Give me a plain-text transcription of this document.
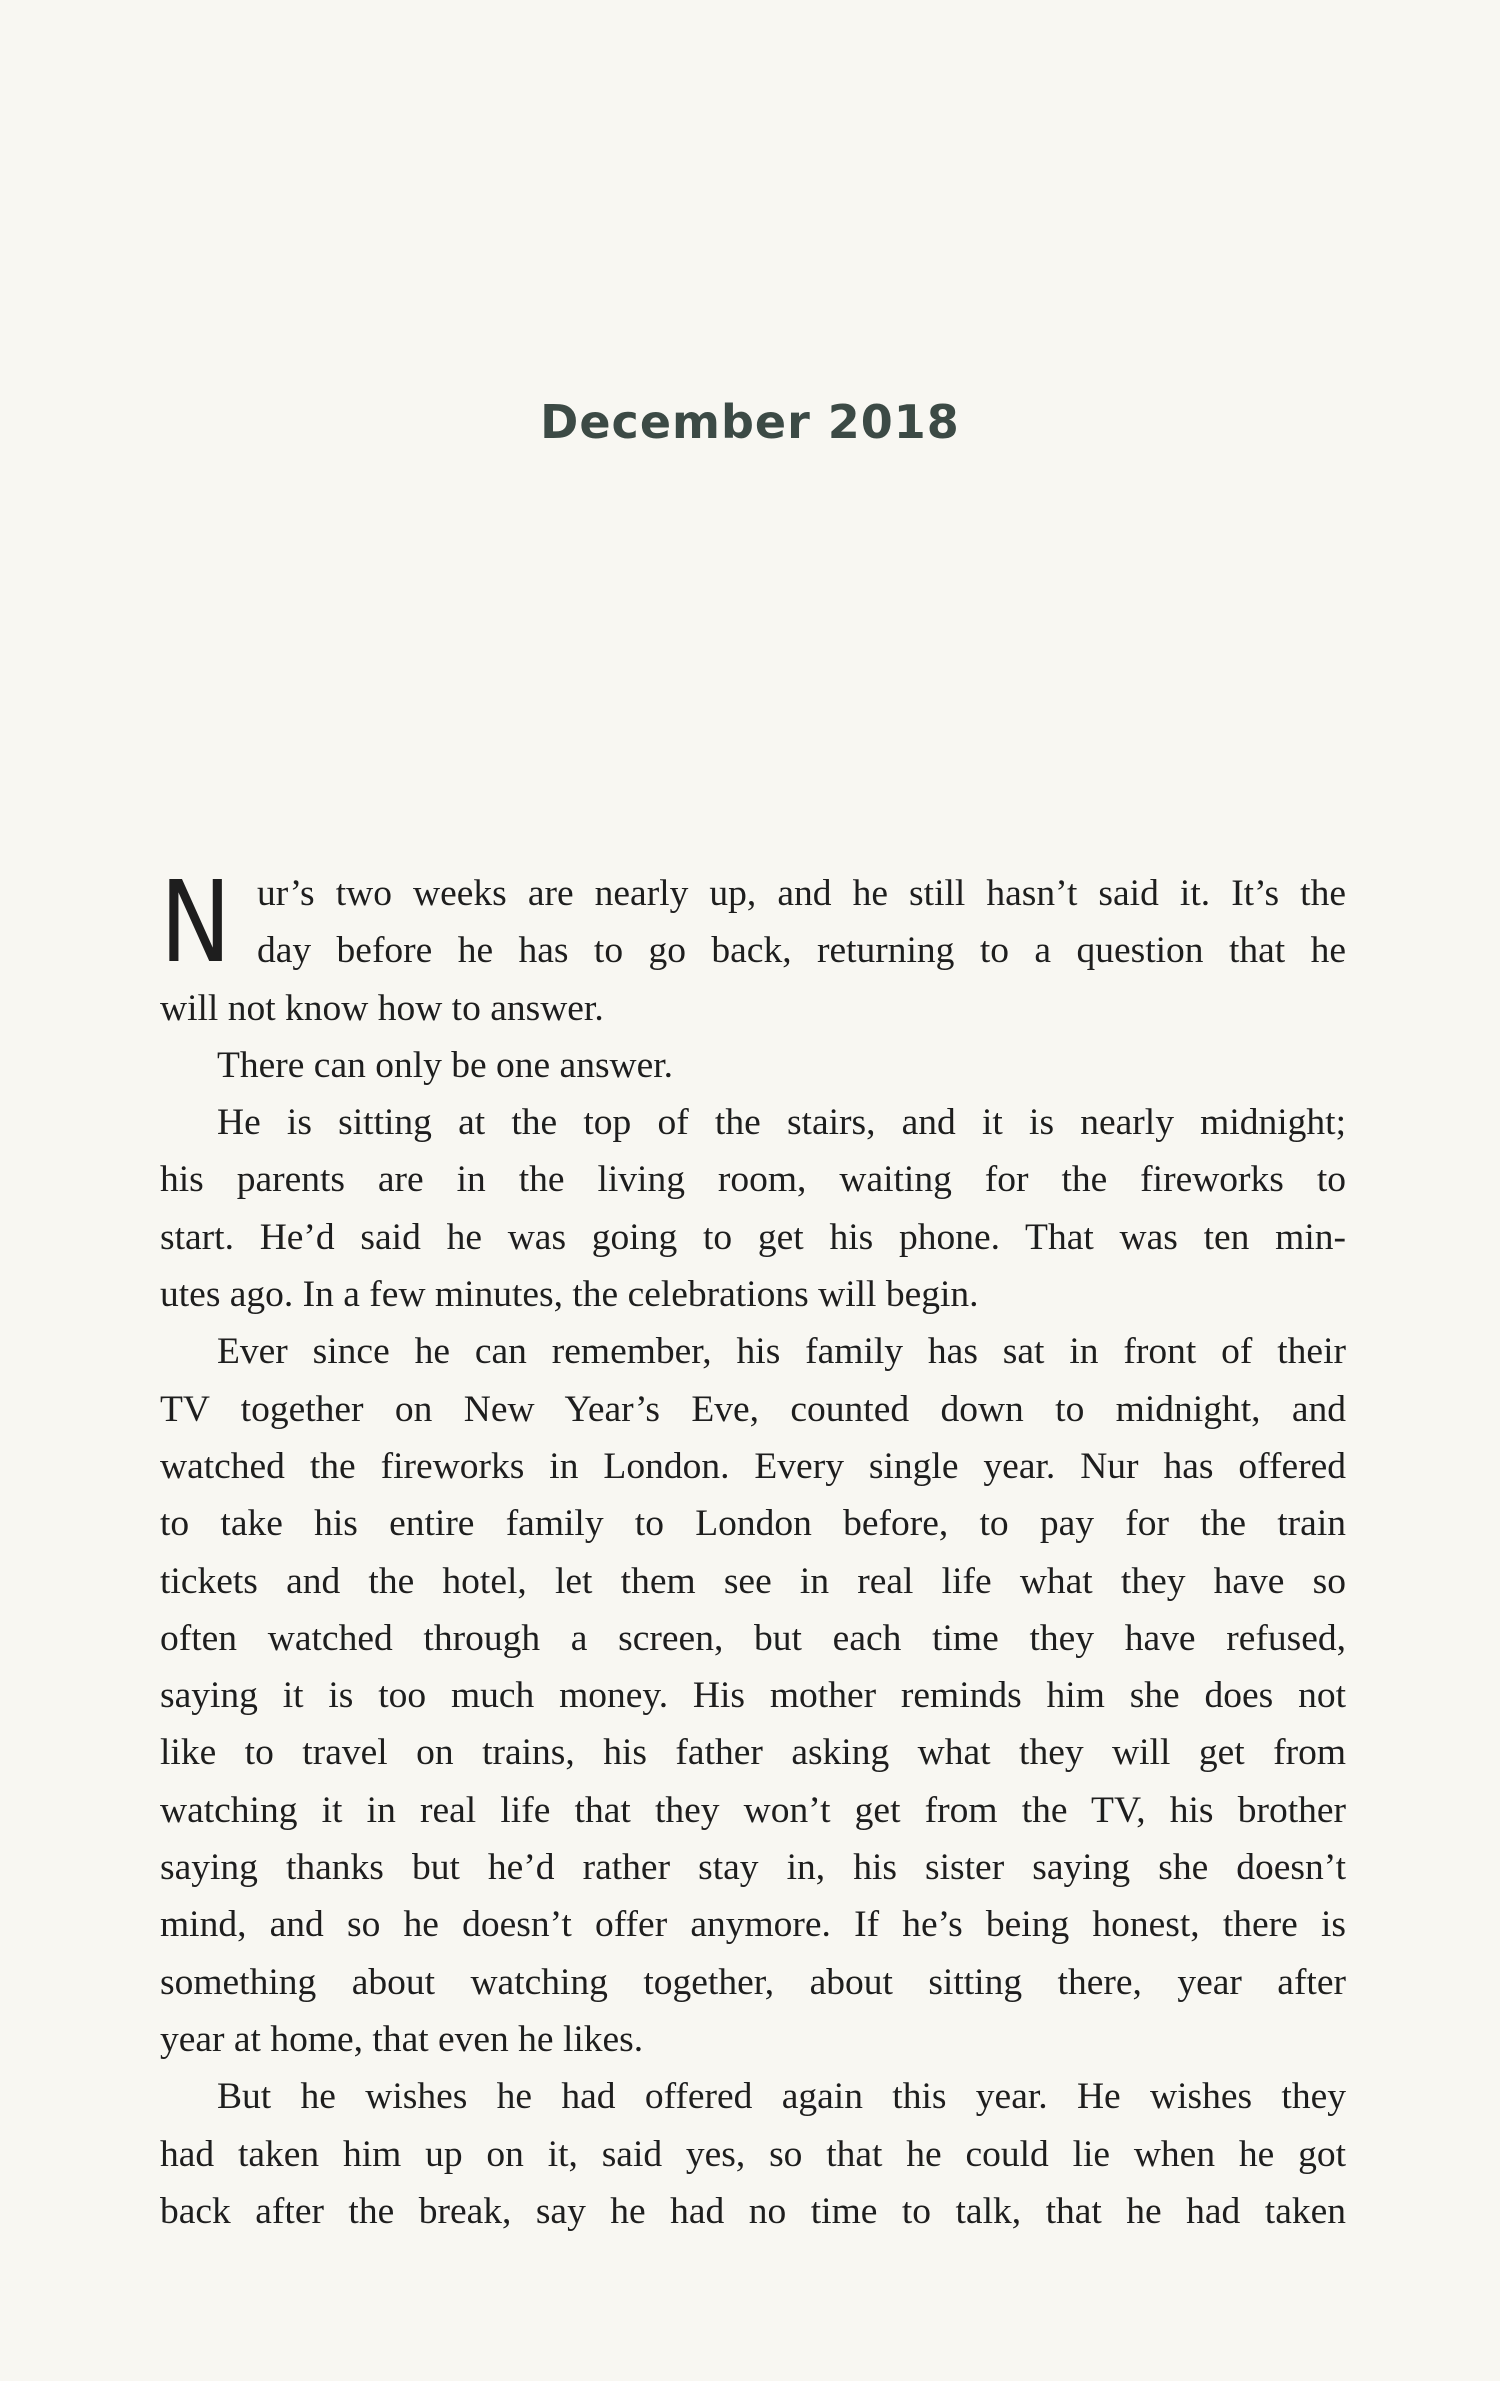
December 2018
N ur’s two weeks are nearly up, and he still hasn’t said it. It’s the
day before he has to go back, returning to a question that he
will not know how to answer.
There can only be one answer.
He is sitting at the top of the stairs, and it is nearly midnight;
his parents are in the living room, waiting for the fireworks to
start. He’d said he was going to get his phone. That was ten min-
utes ago. In a few minutes, the celebrations will begin.
Ever since he can remember, his family has sat in front of their
TV together on New Year’s Eve, counted down to midnight, and
watched the fireworks in London. Every single year. Nur has offered
to take his entire family to London before, to pay for the train
tickets and the hotel, let them see in real life what they have so
often watched through a screen, but each time they have refused,
saying it is too much money. His mother reminds him she does not
like to travel on trains, his father asking what they will get from
watching it in real life that they won’t get from the TV, his brother
saying thanks but he’d rather stay in, his sister saying she doesn’t
mind, and so he doesn’t offer anymore. If he’s being honest, there is
something about watching together, about sitting there, year after
year at home, that even he likes.
But he wishes he had offered again this year. He wishes they
had taken him up on it, said yes, so that he could lie when he got
back after the break, say he had no time to talk, that he had taken
